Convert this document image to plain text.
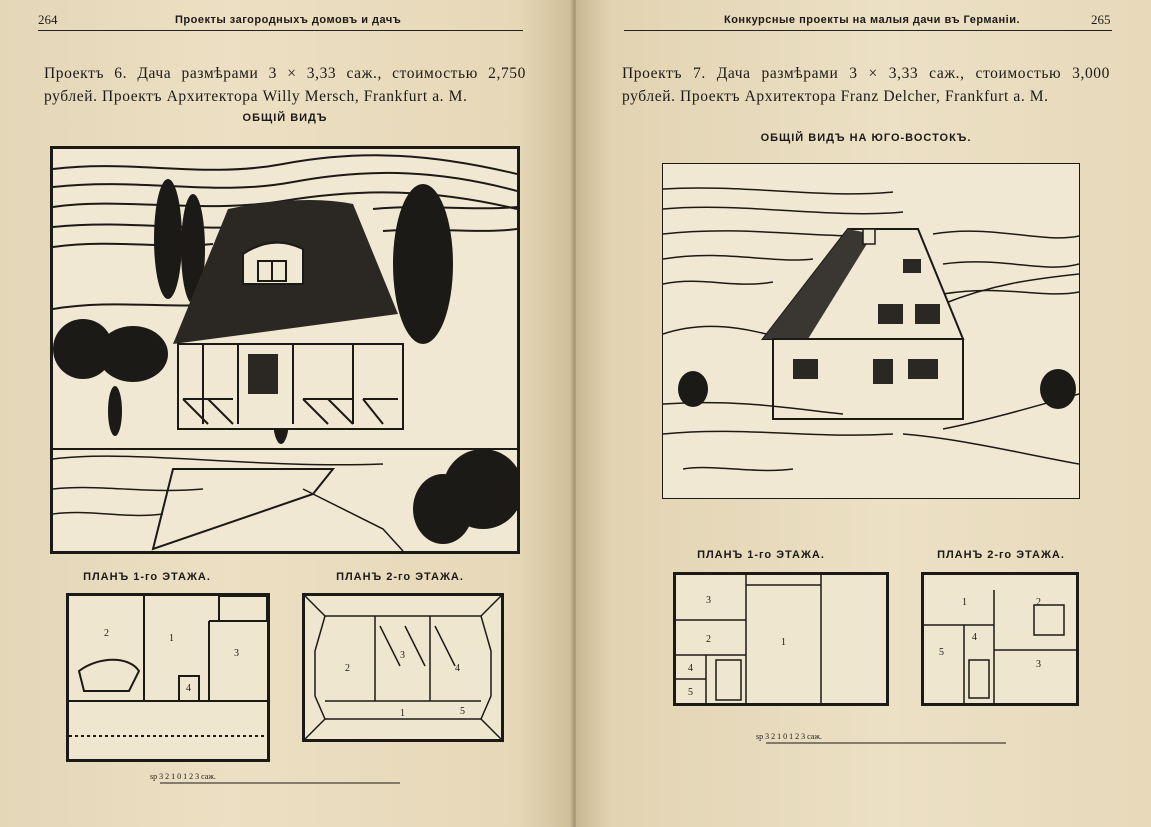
264	Проекты загородныхъ домовъ и дачъ
Проектъ 6. Дача размѣрами 3 × 3,33 саж., стоимостью 2,750 рублей. Проектъ Архитектора Willy Mersch, Frankfurt a. M.
ОБЩІЙ ВИДЪ
ПЛАНЪ 1-го ЭТАЖА.	ПЛАНЪ 2-го ЭТАЖА.
1
2
3
4
1
2
3
4
5
sp 3 2 1 0 1 2 3 саж.
Конкурсные проекты на малыя дачи въ Германіи.	265
Проектъ 7. Дача размѣрами 3 × 3,33 саж., стоимостью 3,000 рублей. Проектъ Архитектора Franz Delcher, Frankfurt a. M.
ОБЩІЙ ВИДЪ НА ЮГО-ВОСТОКЪ.
ПЛАНЪ 1-го ЭТАЖА.	ПЛАНЪ 2-го ЭТАЖА.
1
2
3
4
5
1	2
3
4
5
sp 3 2 1 0 1 2 3 саж.
